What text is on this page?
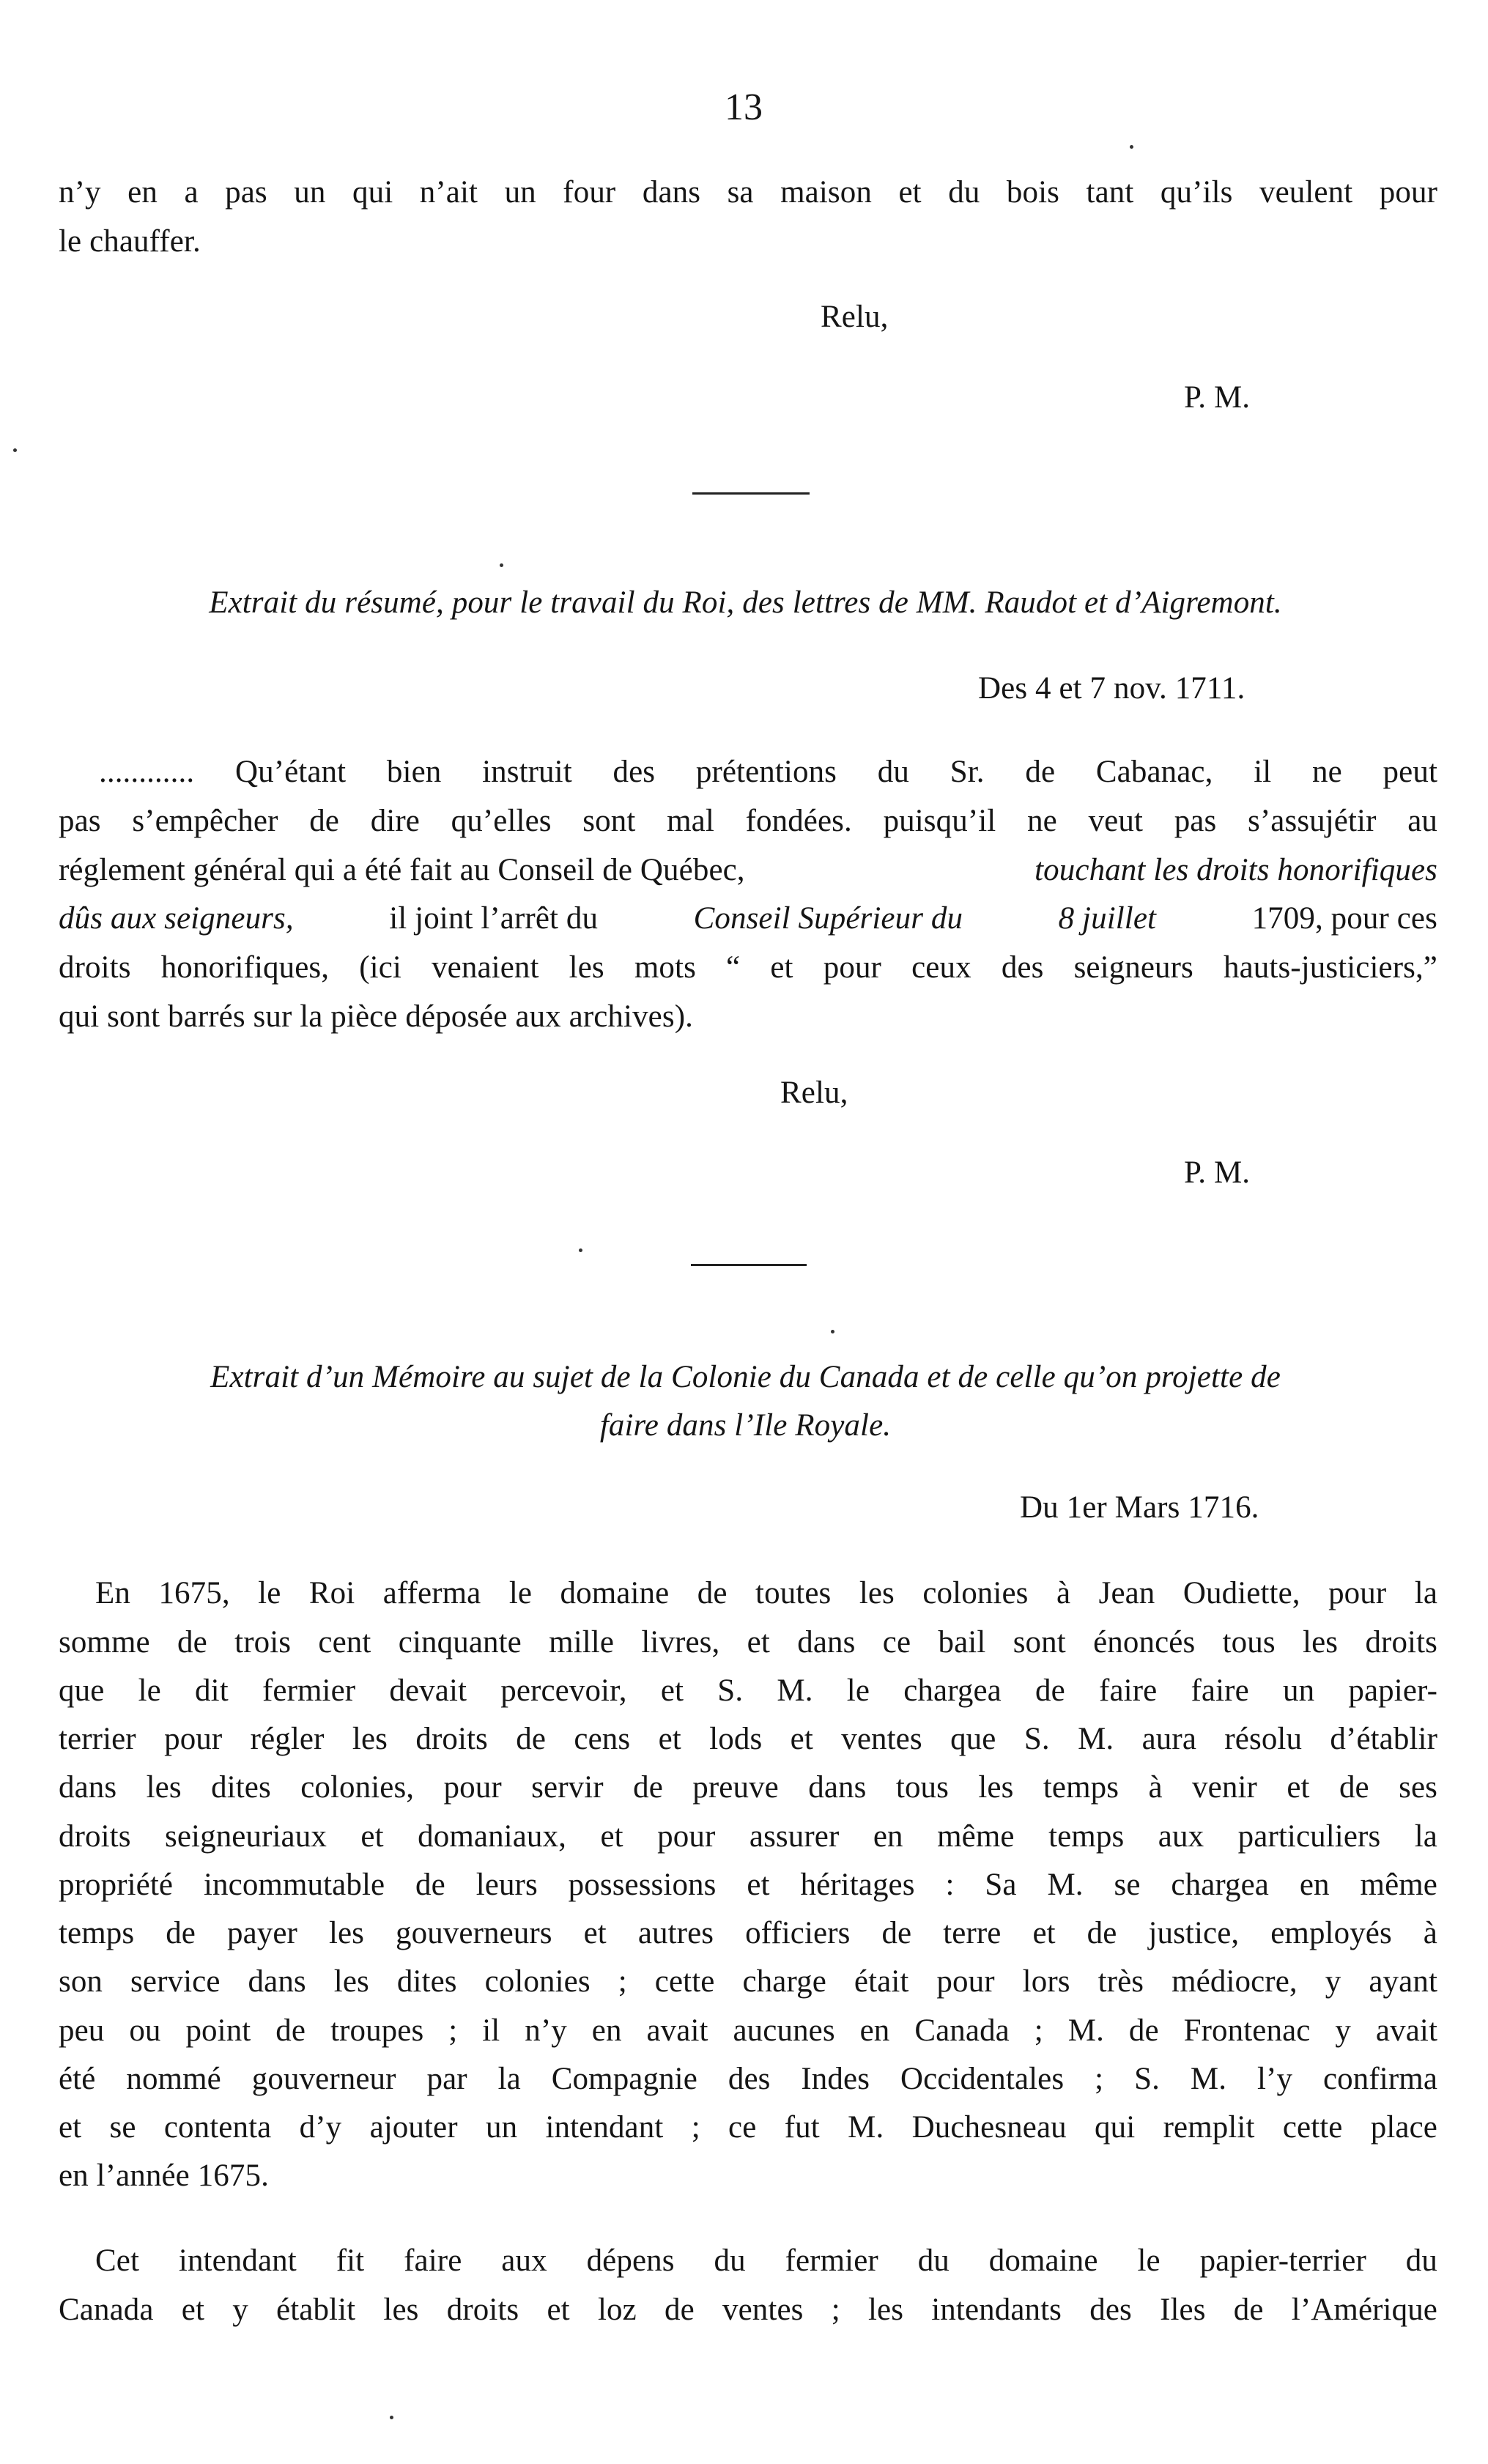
13
n’y en a pas un qui n’ait un four dans sa maison et du bois tant qu’ils veulent pour
le chauffer.
Relu,
P. M.
Extrait du résumé, pour le travail du Roi, des lettres de MM. Raudot et d’Aigremont.
Des 4 et 7 nov. 1711.
............ Qu’étant bien instruit des prétentions du Sr. de Cabanac, il ne peut
pas s’empêcher de dire qu’elles sont mal fondées. puisqu’il ne veut pas s’assujétir au
réglement général qui a été fait au Conseil de Québec,	touchant les droits honorifiques
dûs aux seigneurs,	il joint l’arrêt du	Conseil Supérieur du	8 juillet	1709, pour ces
droits honorifiques, (ici venaient les mots “ et pour ceux des seigneurs hauts-justiciers,”
qui sont barrés sur la pièce déposée aux archives).
Relu,
P. M.
Extrait d’un Mémoire au sujet de la Colonie du Canada et de celle qu’on projette de
faire dans l’Ile Royale.
Du 1er Mars 1716.
En 1675, le Roi afferma le domaine de toutes les colonies à Jean Oudiette, pour la
somme de trois cent cinquante mille livres, et dans ce bail sont énoncés tous les droits
que le dit fermier devait percevoir, et S. M. le chargea de faire faire un papier-
terrier pour régler les droits de cens et lods et ventes que S. M. aura résolu d’établir
dans les dites colonies, pour servir de preuve dans tous les temps à venir et de ses
droits seigneuriaux et domaniaux, et pour assurer en même temps aux particuliers la
propriété incommutable de leurs possessions et héritages : Sa M. se chargea en même
temps de payer les gouverneurs et autres officiers de terre et de justice, employés à
son service dans les dites colonies ; cette charge était pour lors très médiocre, y ayant
peu ou point de troupes ; il n’y en avait aucunes en Canada ; M. de Frontenac y avait
été nommé gouverneur par la Compagnie des Indes Occidentales ; S. M. l’y confirma
et se contenta d’y ajouter un intendant ; ce fut M. Duchesneau qui remplit cette place
en l’année 1675.
Cet intendant fit faire aux dépens du fermier du domaine le papier-terrier du
Canada et y établit les droits et loz de ventes ; les intendants des Iles de l’Amérique
